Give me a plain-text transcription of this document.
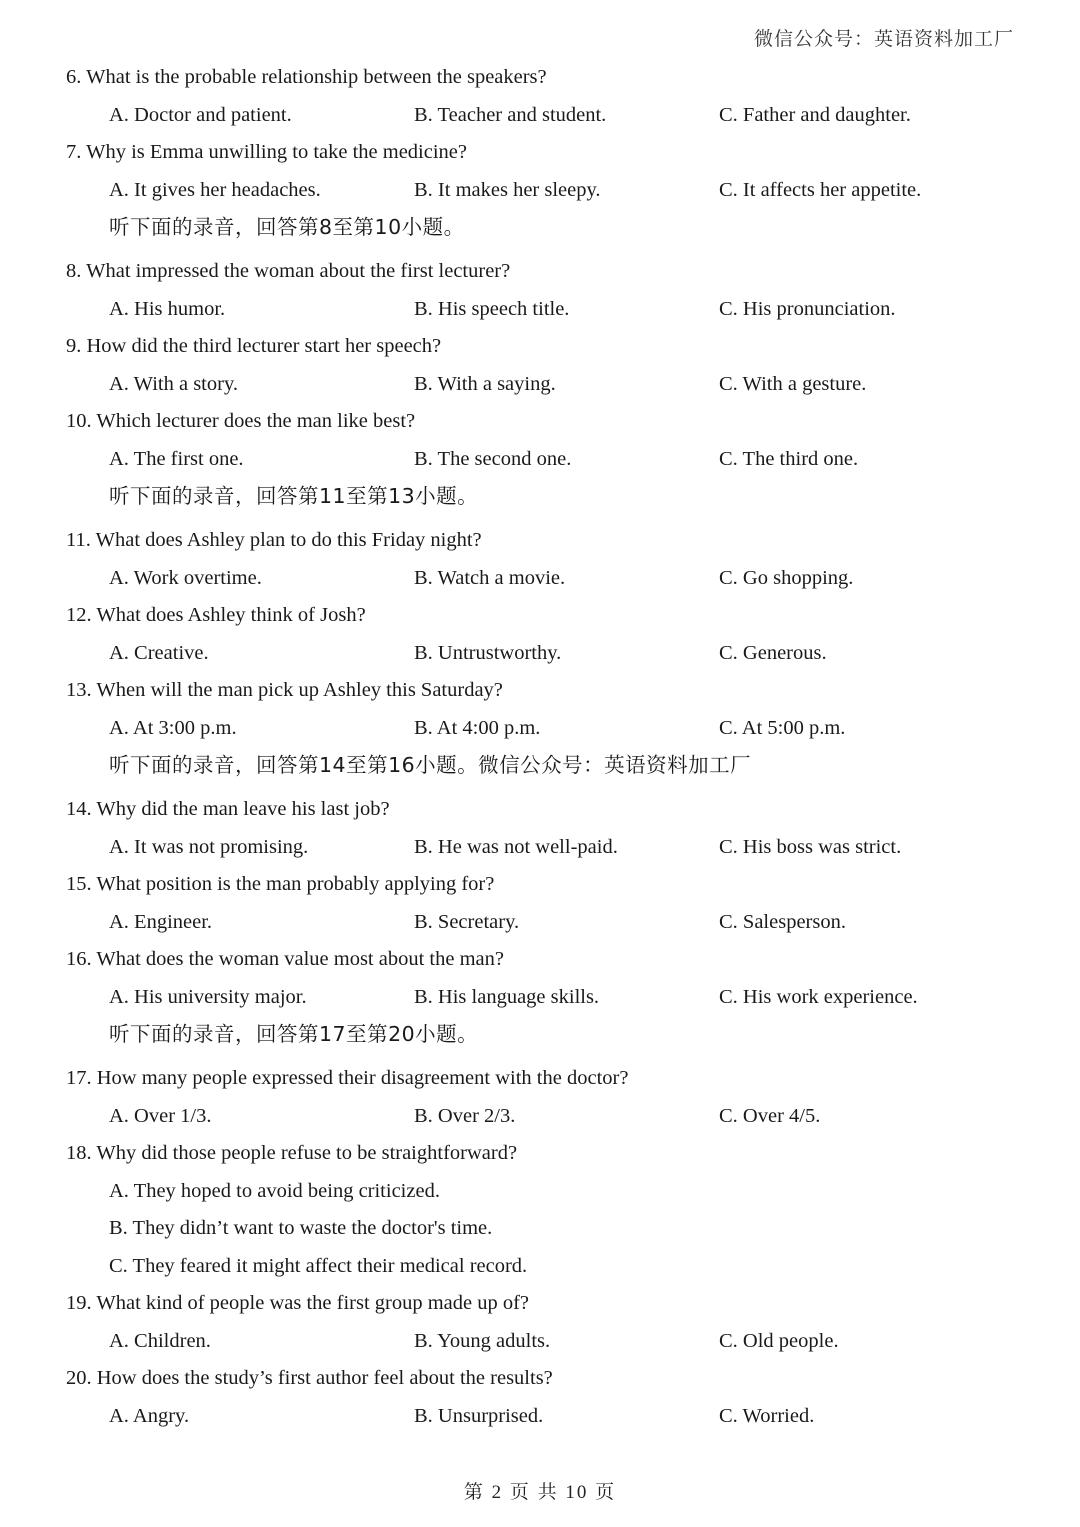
微信公众号：英语资料加工厂
6. What is the probable relationship between the speakers?
A. Doctor and patient.	B. Teacher and student.	C. Father and daughter.
7. Why is Emma unwilling to take the medicine?
A. It gives her headaches.	B. It makes her sleepy.	C. It affects her appetite.
听下面的录音，回答第8至第10小题。
8. What impressed the woman about the first lecturer?
A. His humor.	B. His speech title.	C. His pronunciation.
9. How did the third lecturer start her speech?
A. With a story.	B. With a saying.	C. With a gesture.
10. Which lecturer does the man like best?
A. The first one.	B. The second one.	C. The third one.
听下面的录音，回答第11至第13小题。
11. What does Ashley plan to do this Friday night?
A. Work overtime.	B. Watch a movie.	C. Go shopping.
12. What does Ashley think of Josh?
A. Creative.	B. Untrustworthy.	C. Generous.
13. When will the man pick up Ashley this Saturday?
A. At 3:00 p.m.	B. At 4:00 p.m.	C. At 5:00 p.m.
听下面的录音，回答第14至第16小题。微信公众号：英语资料加工厂
14. Why did the man leave his last job?
A. It was not promising.	B. He was not well-paid.	C. His boss was strict.
15. What position is the man probably applying for?
A. Engineer.	B. Secretary.	C. Salesperson.
16. What does the woman value most about the man?
A. His university major.	B. His language skills.	C. His work experience.
听下面的录音，回答第17至第20小题。
17. How many people expressed their disagreement with the doctor?
A. Over 1/3.	B. Over 2/3.	C. Over 4/5.
18. Why did those people refuse to be straightforward?
A. They hoped to avoid being criticized.
B. They didn’t want to waste the doctor's time.
C. They feared it might affect their medical record.
19. What kind of people was the first group made up of?
A. Children.	B. Young adults.	C. Old people.
20. How does the study’s first author feel about the results?
A. Angry.	B. Unsurprised.	C. Worried.
第 2 页 共 10 页
